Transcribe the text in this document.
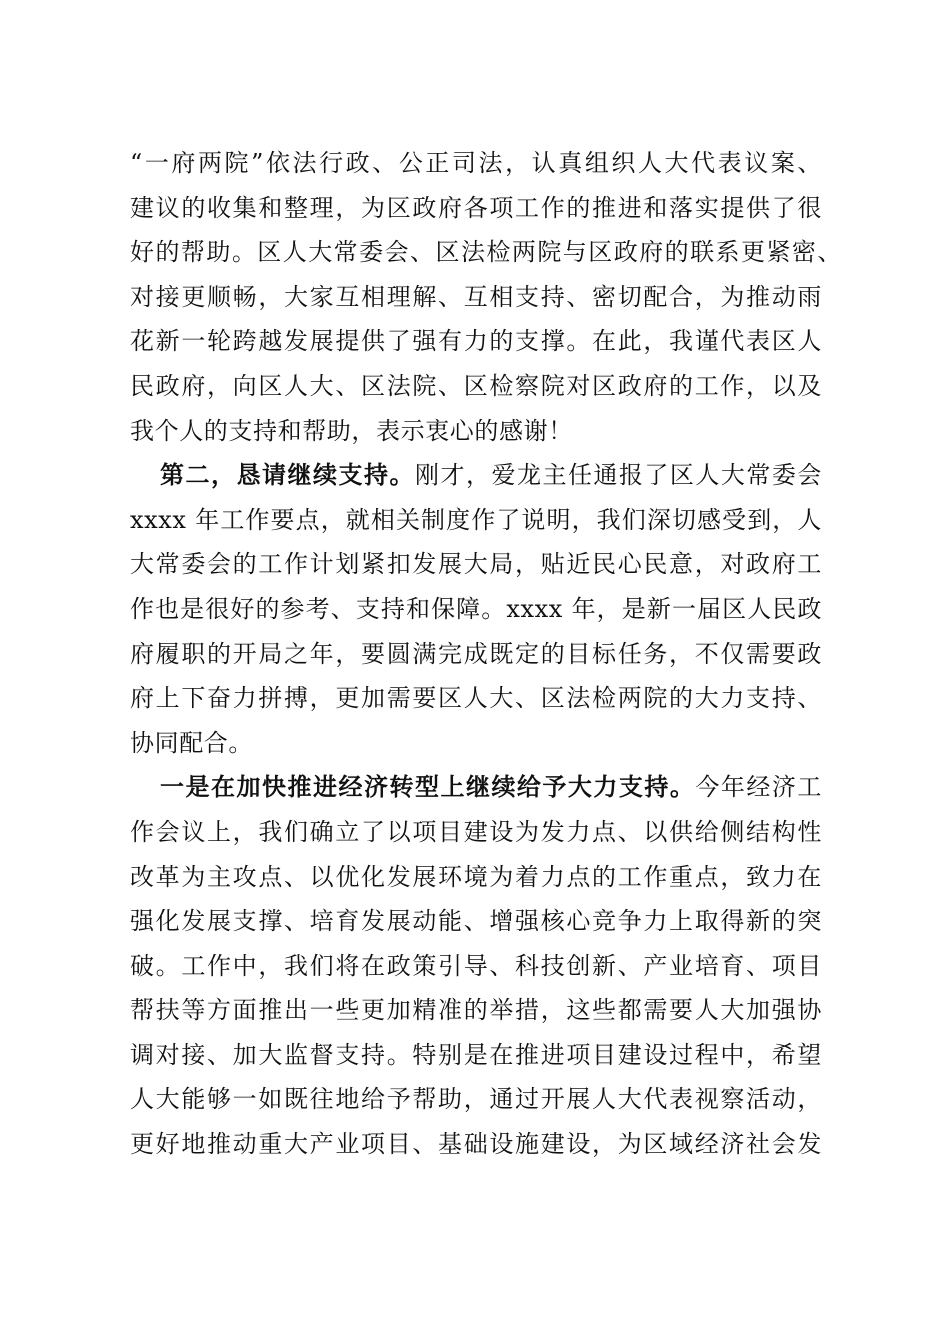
“一府两院”依法行政、公正司法，认真组织人大代表议案、
建议的收集和整理，为区政府各项工作的推进和落实提供了很
好的帮助。区人大常委会、区法检两院与区政府的联系更紧密、
对接更顺畅，大家互相理解、互相支持、密切配合，为推动雨
花新一轮跨越发展提供了强有力的支撑。在此，我谨代表区人
民政府，向区人大、区法院、区检察院对区政府的工作，以及
我个人的支持和帮助，表示衷心的感谢！
第二，恳请继续支持。刚才，爱龙主任通报了区人大常委会
xxxx 年工作要点，就相关制度作了说明，我们深切感受到，人
大常委会的工作计划紧扣发展大局，贴近民心民意，对政府工
作也是很好的参考、支持和保障。xxxx 年，是新一届区人民政
府履职的开局之年，要圆满完成既定的目标任务，不仅需要政
府上下奋力拼搏，更加需要区人大、区法检两院的大力支持、
协同配合。
一是在加快推进经济转型上继续给予大力支持。今年经济工
作会议上，我们确立了以项目建设为发力点、以供给侧结构性
改革为主攻点、以优化发展环境为着力点的工作重点，致力在
强化发展支撑、培育发展动能、增强核心竞争力上取得新的突
破。工作中，我们将在政策引导、科技创新、产业培育、项目
帮扶等方面推出一些更加精准的举措，这些都需要人大加强协
调对接、加大监督支持。特别是在推进项目建设过程中，希望
人大能够一如既往地给予帮助，通过开展人大代表视察活动，
更好地推动重大产业项目、基础设施建设，为区域经济社会发
